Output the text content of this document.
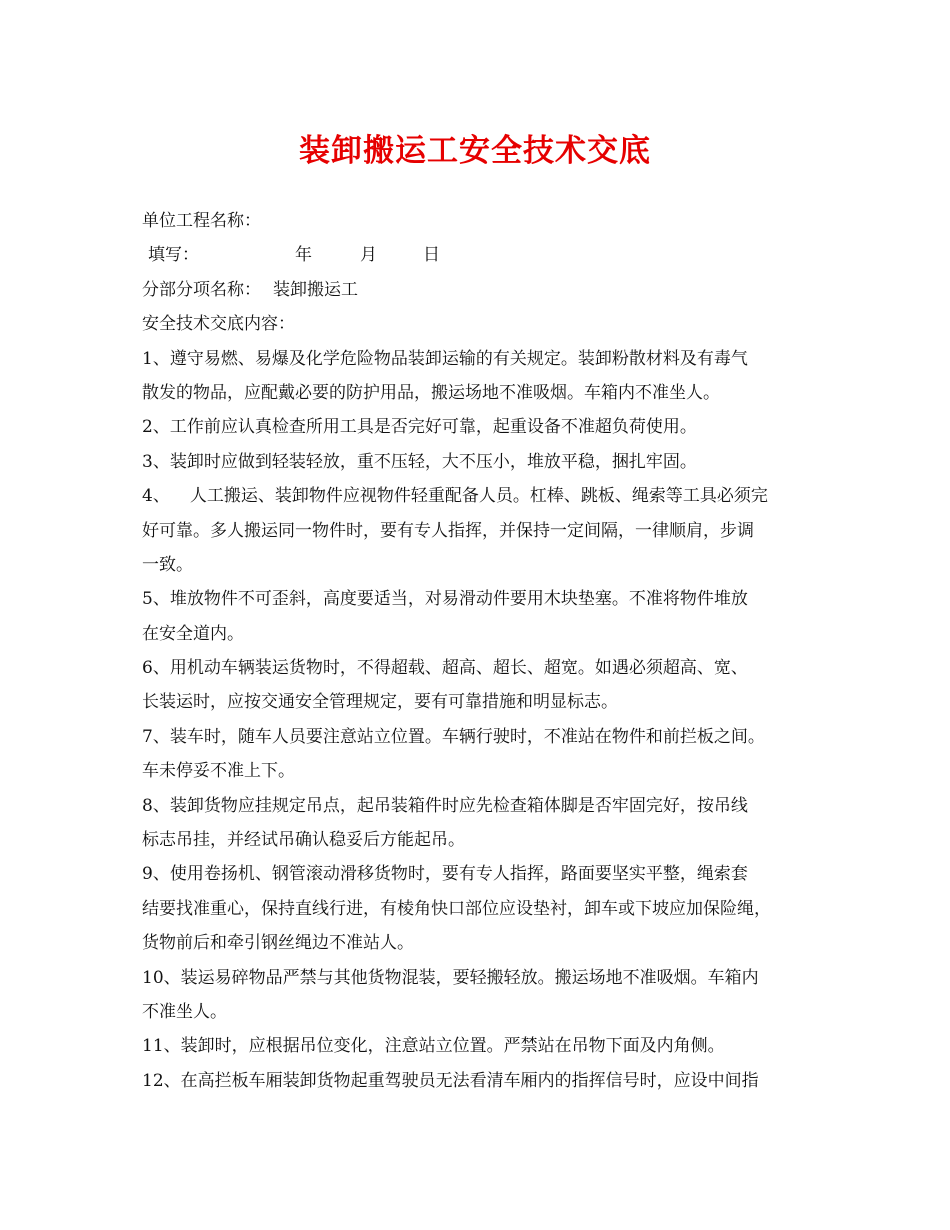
装卸搬运工安全技术交底
单位工程名称：
填写：	年	月	日
分部分项名称： 装卸搬运工
安全技术交底内容：
1、遵守易燃、易爆及化学危险物品装卸运输的有关规定。装卸粉散材料及有毒气
散发的物品，应配戴必要的防护用品，搬运场地不准吸烟。车箱内不准坐人。
2、工作前应认真检查所用工具是否完好可靠，起重设备不准超负荷使用。
3、装卸时应做到轻装轻放，重不压轻，大不压小，堆放平稳，捆扎牢固。
4、 人工搬运、装卸物件应视物件轻重配备人员。杠棒、跳板、绳索等工具必须完
好可靠。多人搬运同一物件时，要有专人指挥，并保持一定间隔，一律顺肩，步调
一致。
5、堆放物件不可歪斜，高度要适当，对易滑动件要用木块垫塞。不准将物件堆放
在安全道内。
6、用机动车辆装运货物时，不得超载、超高、超长、超宽。如遇必须超高、宽、
长装运时，应按交通安全管理规定，要有可靠措施和明显标志。
7、装车时，随车人员要注意站立位置。车辆行驶时，不准站在物件和前拦板之间。
车未停妥不准上下。
8、装卸货物应挂规定吊点，起吊装箱件时应先检查箱体脚是否牢固完好，按吊线
标志吊挂，并经试吊确认稳妥后方能起吊。
9、使用卷扬机、钢管滚动滑移货物时，要有专人指挥，路面要坚实平整，绳索套
结要找准重心，保持直线行进，有棱角快口部位应设垫衬，卸车或下坡应加保险绳，
货物前后和牵引钢丝绳边不准站人。
10、装运易碎物品严禁与其他货物混装，要轻搬轻放。搬运场地不准吸烟。车箱内
不准坐人。
11、装卸时，应根据吊位变化，注意站立位置。严禁站在吊物下面及内角侧。
12、在高拦板车厢装卸货物起重驾驶员无法看清车厢内的指挥信号时，应设中间指
